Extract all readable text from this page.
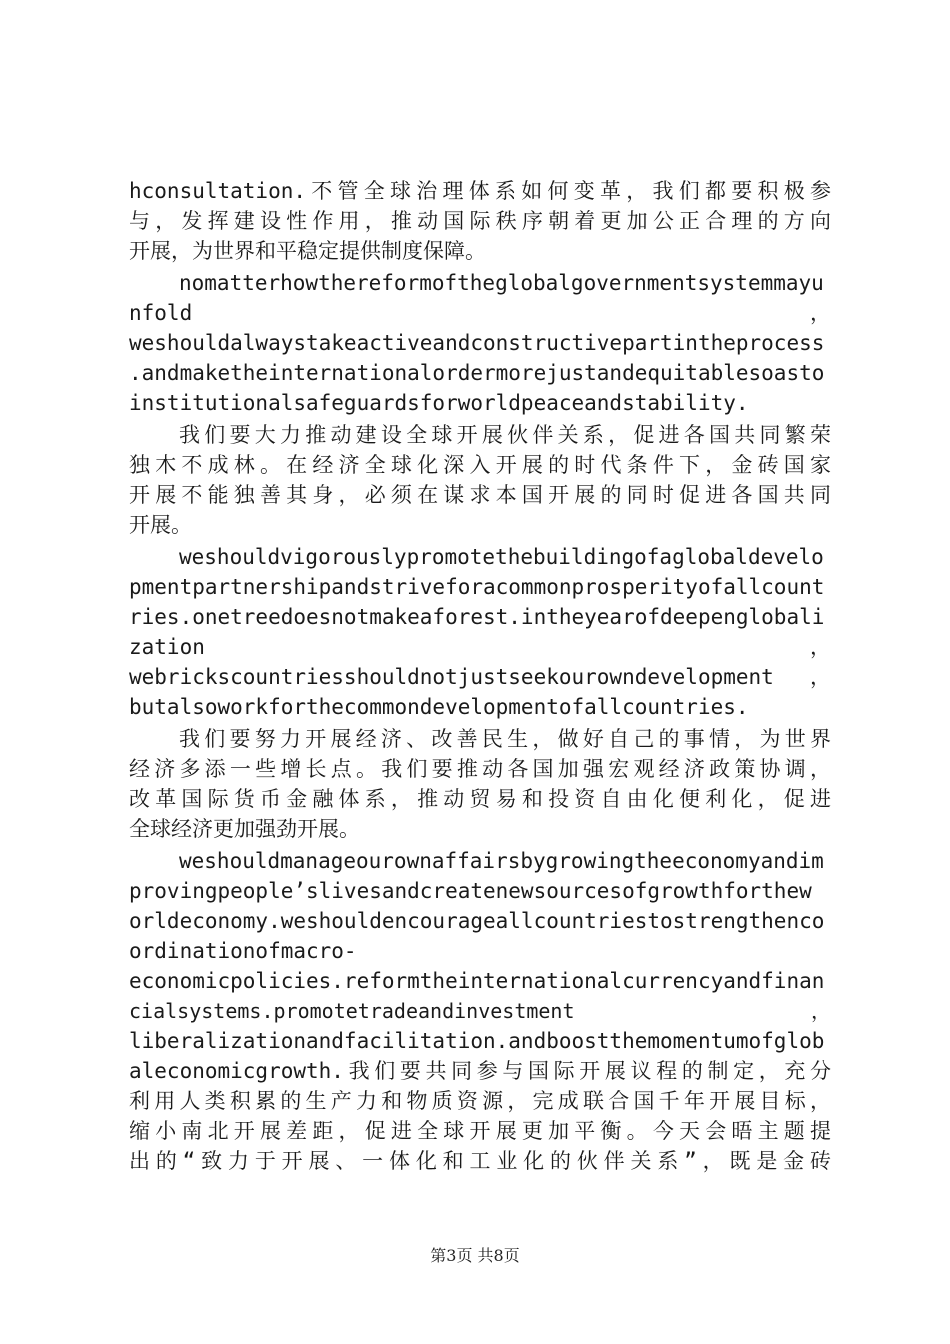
hconsultation.不管全球治理体系如何变革，我们都要积极参
与，发挥建设性作用，推动国际秩序朝着更加公正合理的方向
开展，为世界和平稳定提供制度保障。
nomatterhowthereformoftheglobalgovernmentsystemmayu
nfold　　　　　　　　　　　　　　　　　　　　　　　　　　　　，
weshouldalwaystakeactiveandconstructivepartintheprocess
.andmaketheinternationalordermorejustandequitablesoasto
institutionalsafeguardsforworldpeaceandstability.
我们要大力推动建设全球开展伙伴关系，促进各国共同繁荣
独木不成林。在经济全球化深入开展的时代条件下，金砖国家
开展不能独善其身，必须在谋求本国开展的同时促进各国共同
开展。
weshouldvigorouslypromotethebuildingofaglobaldevelo
pmentpartnershipandstriveforacommonprosperityofallcount
ries.onetreedoesnotmakeaforest.intheyearofdeepenglobali
zation　　　　　　　　　　　　　　　　　　　　　　　　　　　，
webrickscountriesshouldnotjustseekourowndevelopment　，
butalsoworkforthecommondevelopmentofallcountries.
我们要努力开展经济、改善民生，做好自己的事情，为世界
经济多添一些增长点。我们要推动各国加强宏观经济政策协调，
改革国际货币金融体系，推动贸易和投资自由化便利化，促进
全球经济更加强劲开展。
weshouldmanageourownaffairsbygrowingtheeconomyandim
provingpeople’slivesandcreatenewsourcesofgrowthforthew
orldeconomy.weshouldencourageallcountriestostrengthenco
ordinationofmacro-
economicpolicies.reformtheinternationalcurrencyandfinan
cialsystems.promotetradeandinvestment　　　　　　　　　　　，
liberalizationandfacilitation.andboostthemomentumofglob
aleconomicgrowth.我们要共同参与国际开展议程的制定，充分
利用人类积累的生产力和物质资源，完成联合国千年开展目标，
缩小南北开展差距，促进全球开展更加平衡。今天会晤主题提
出的“致力于开展、一体化和工业化的伙伴关系”，既是金砖
第3页 共8页
